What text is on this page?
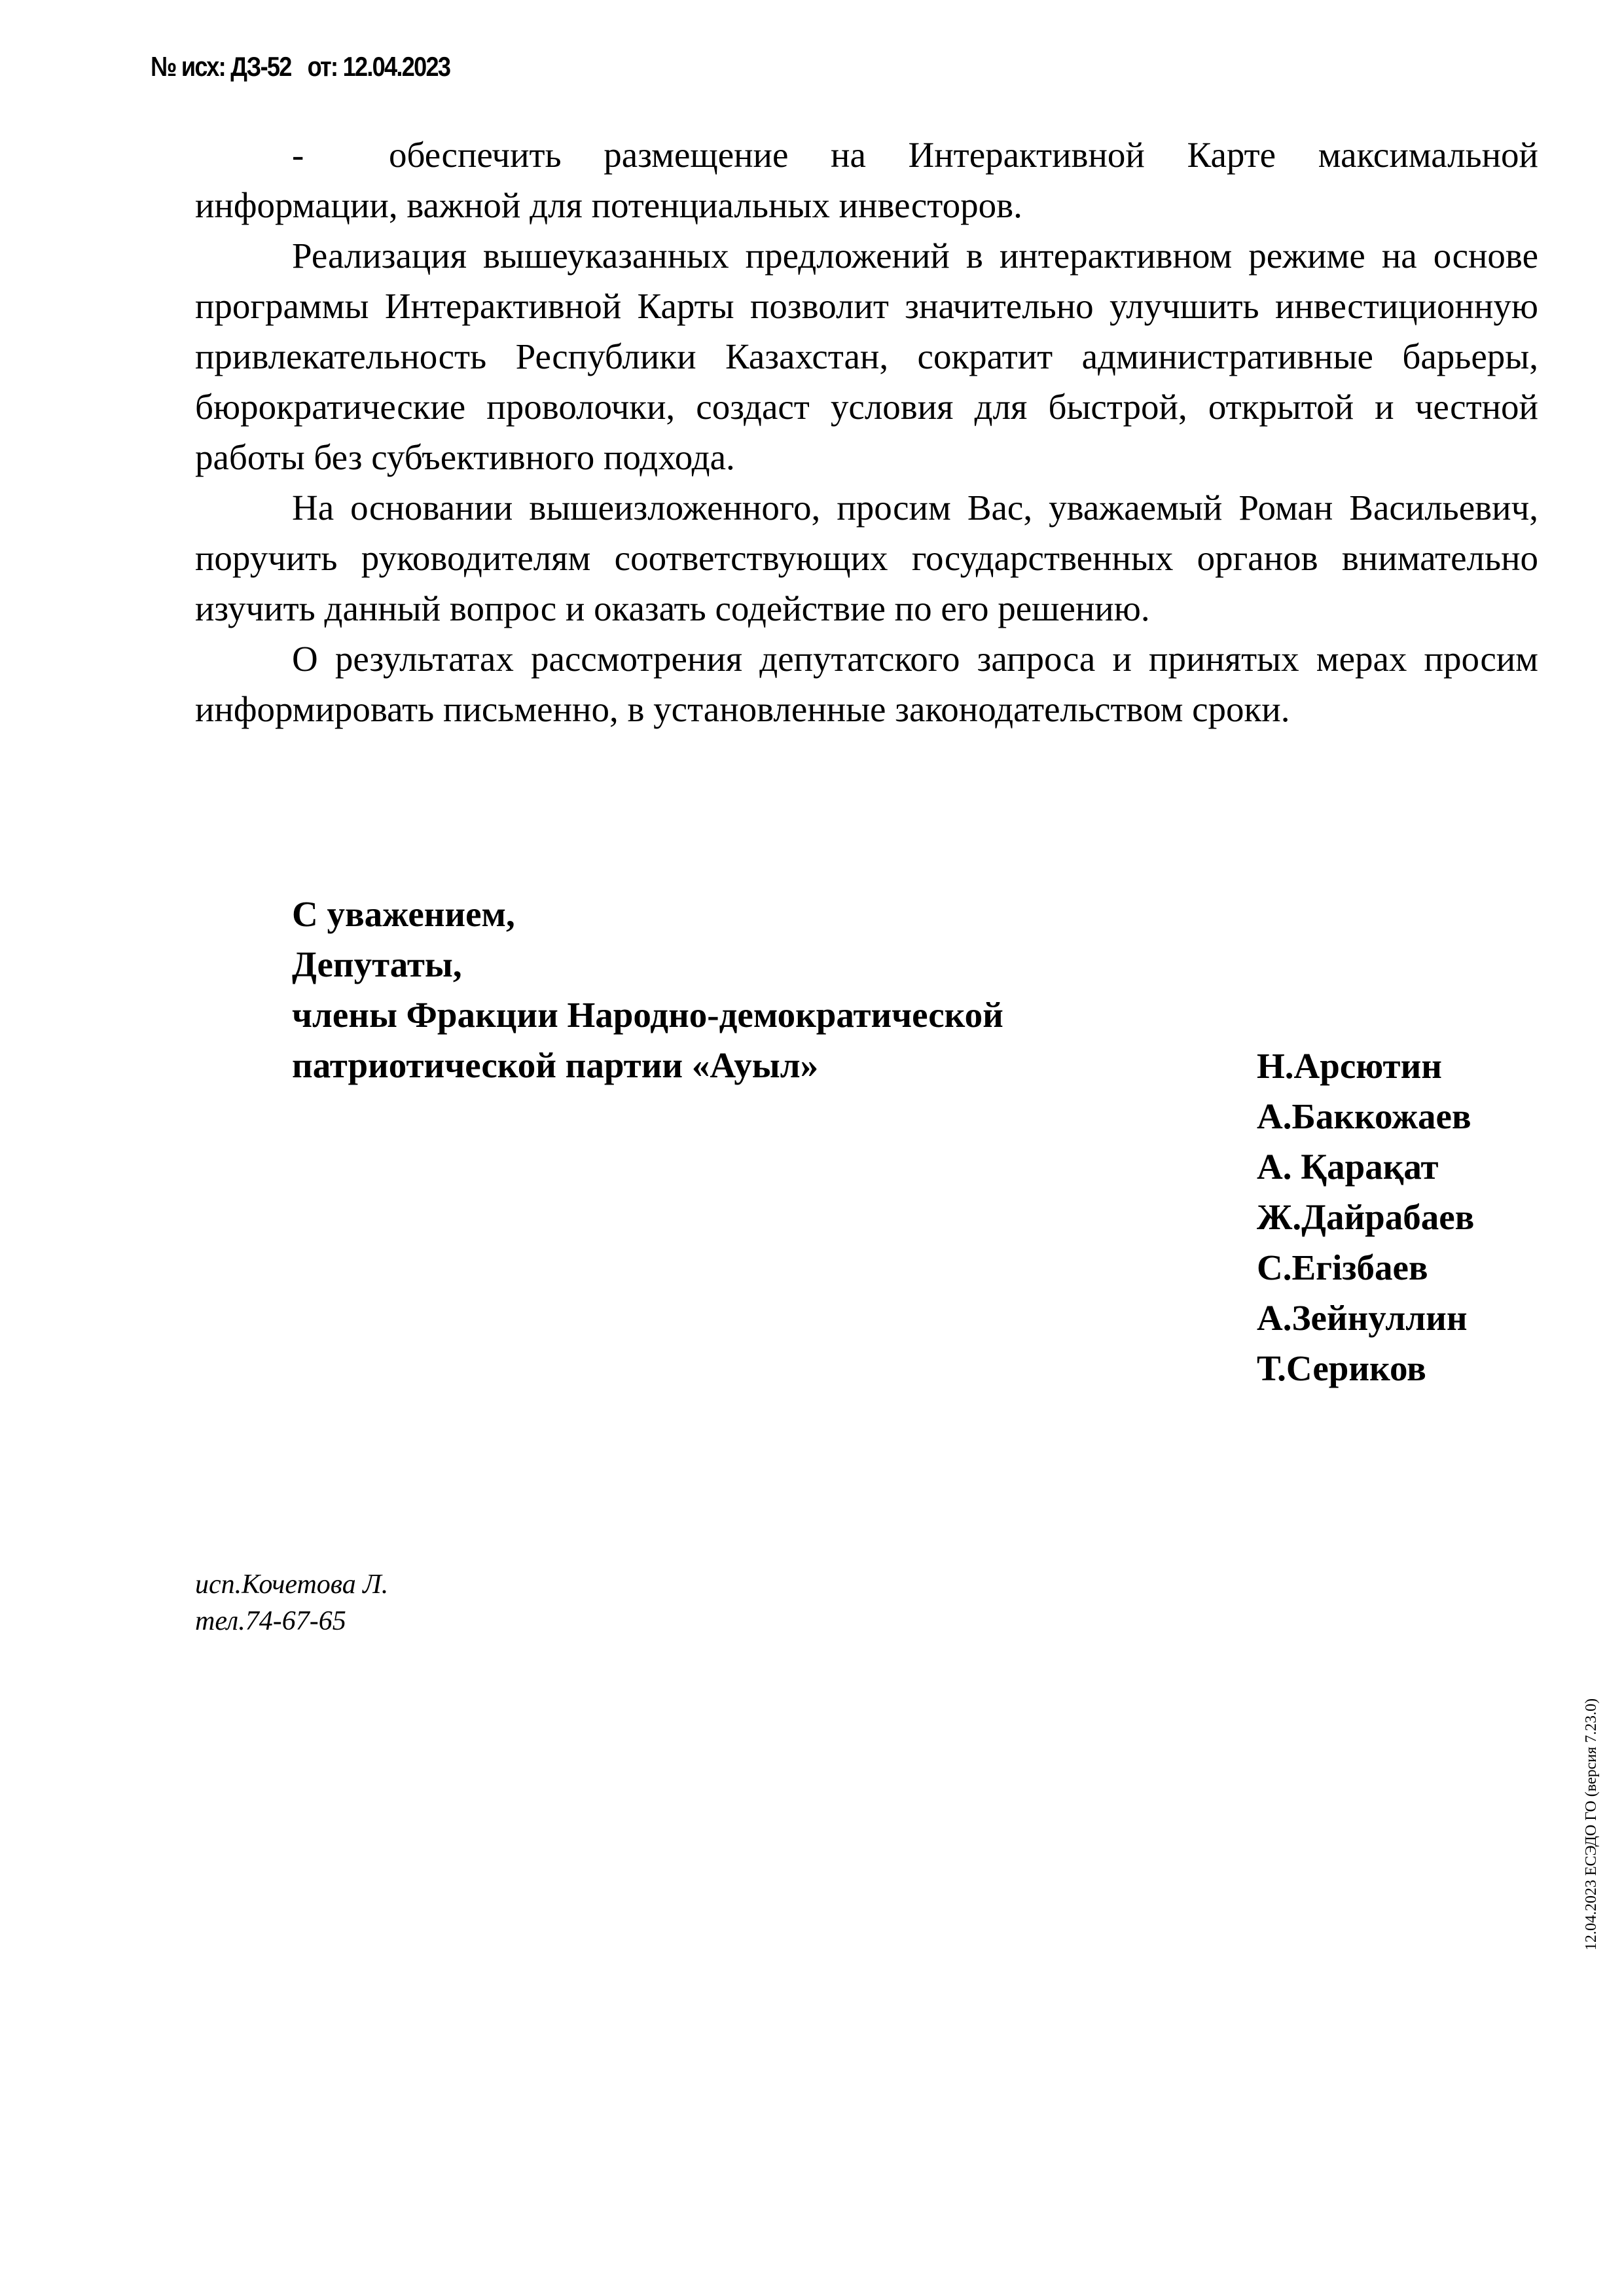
№ исх: ДЗ-52   от: 12.04.2023

- обеспечить размещение на Интерактивной Карте максимальной информации, важной для потенциальных инвесторов.

Реализация вышеуказанных предложений в интерактивном режиме на основе программы Интерактивной Карты позволит значительно улучшить инвестиционную привлекательность Республики Казахстан, сократит административные барьеры, бюрократические проволочки, создаст условия для быстрой, открытой и честной работы без субъективного подхода.

На основании вышеизложенного, просим Вас, уважаемый Роман Васильевич, поручить руководителям соответствующих государственных органов внимательно изучить данный вопрос и оказать содействие по его решению.

О результатах рассмотрения депутатского запроса и принятых мерах просим информировать письменно, в установленные законодательством сроки.

С уважением,
Депутаты,
члены Фракции Народно-демократической
патриотической партии «Ауыл»	Н.Арсютин
А.Баккожаев
А. Қарақат
Ж.Дайрабаев
С.Егізбаев
А.Зейнуллин
Т.Сериков
исп.Кочетова Л.
тел.74-67-65
12.04.2023 ЕСЭДО ГО (версия 7.23.0)
